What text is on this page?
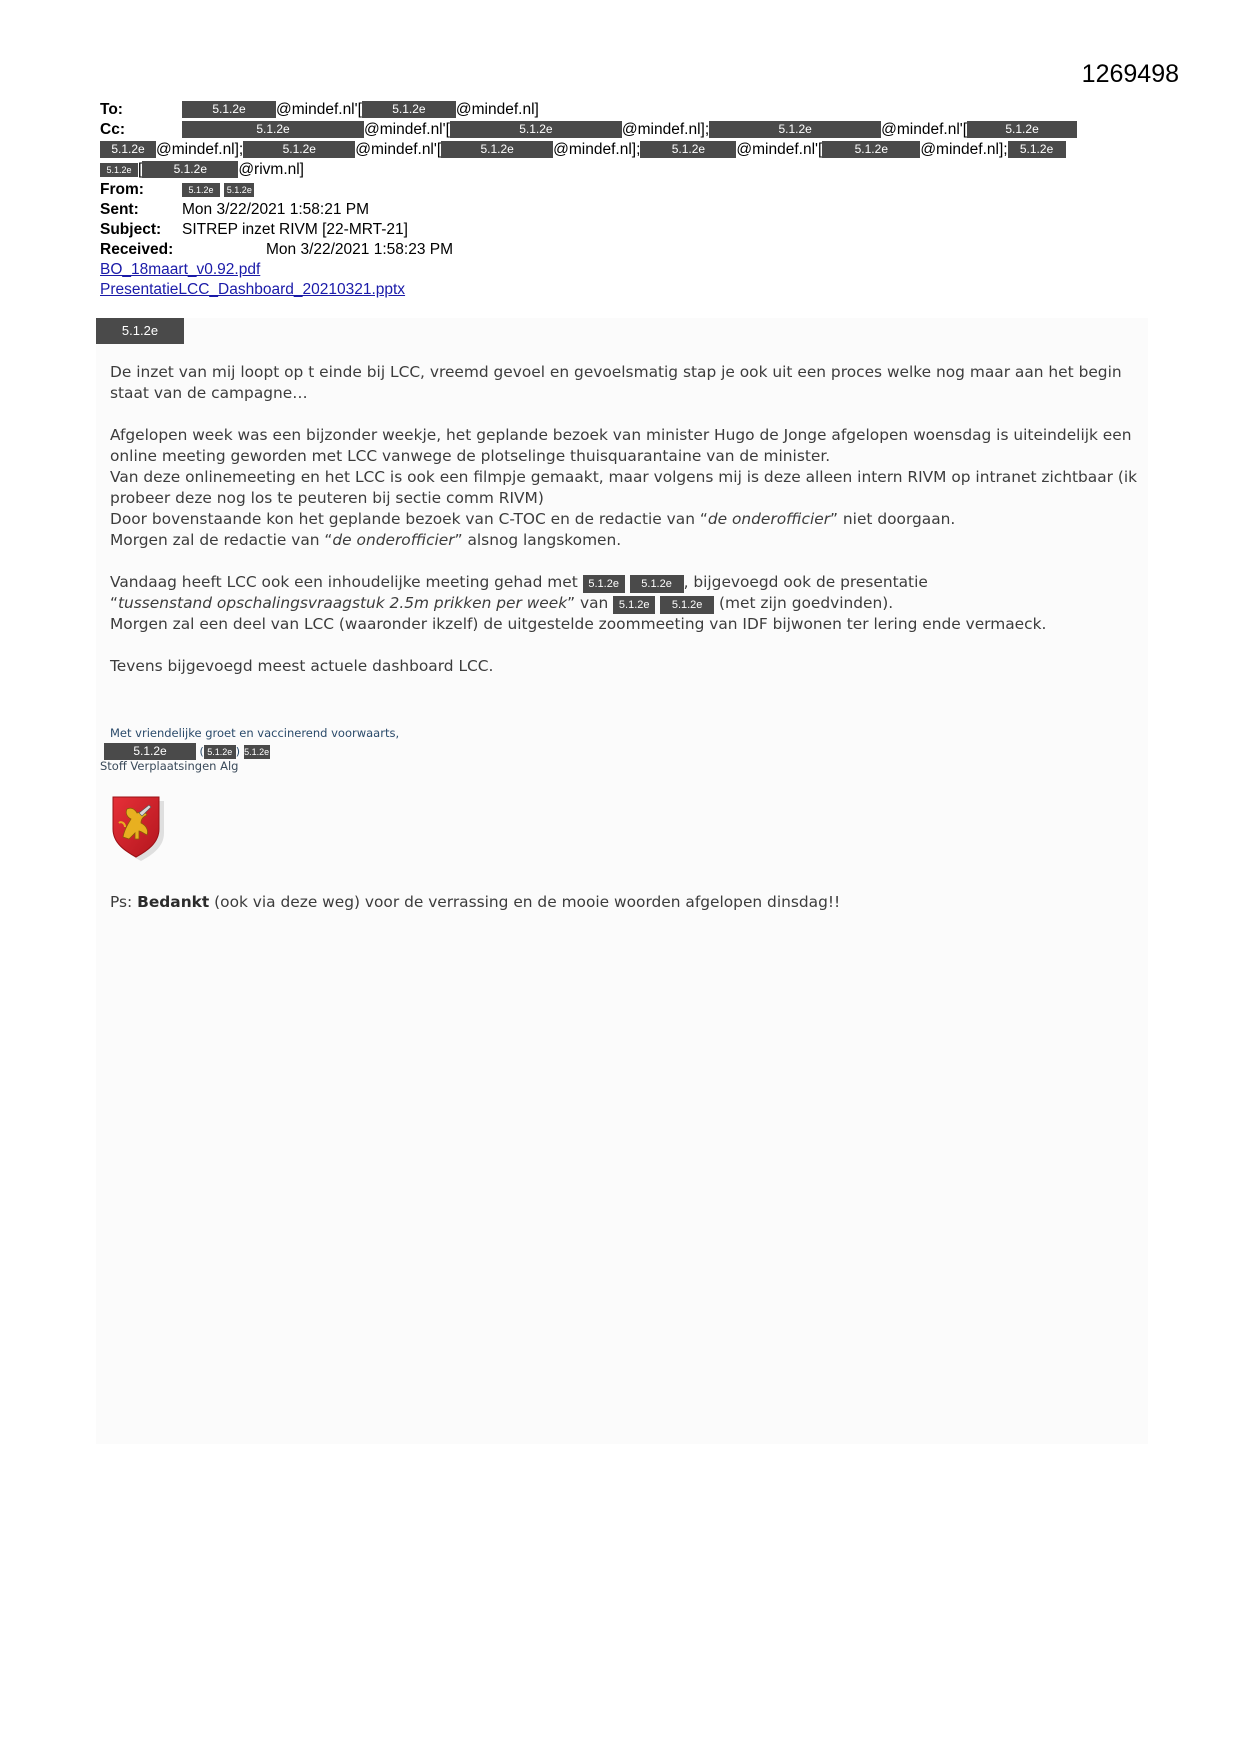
1269498
To:	5.1.2e @mindef.nl'[	5.1.2e @mindef.nl]
Cc:	5.1.2e	@mindef.nl'[	5.1.2e	@mindef.nl];	5.1.2e	@mindef.nl'[	5.1.2e
5.1.2e @mindef.nl];	5.1.2e	@mindef.nl'[	5.1.2e	@mindef.nl];	5.1.2e @mindef.nl'[	5.1.2e @mindef.nl]; 5.1.2e
5.1.2e [	5.1.2e @rivm.nl]
From:	5.1.2e 5.1.2e
Sent:	Mon 3/22/2021 1:58:21 PM
Subject: SITREP inzet RIVM [22-MRT-21]
Received:	Mon 3/22/2021 1:58:23 PM
BO_18maart_v0.92.pdf
PresentatieLCC_Dashboard_20210321.pptx
5.1.2e

De inzet van mij loopt op t einde bij LCC, vreemd gevoel en gevoelsmatig stap je ook uit een proces welke nog maar aan het begin staat van de campagne…

Afgelopen week was een bijzonder weekje, het geplande bezoek van minister Hugo de Jonge afgelopen woensdag is uiteindelijk een online meeting geworden met LCC vanwege de plotselinge thuisquarantaine van de minister.
Van deze onlinemeeting en het LCC is ook een filmpje gemaakt, maar volgens mij is deze alleen intern RIVM op intranet zichtbaar (ik probeer deze nog los te peuteren bij sectie comm RIVM)
Door bovenstaande kon het geplande bezoek van C-TOC en de redactie van “de onderofficier” niet doorgaan.
Morgen zal de redactie van “de onderofficier” alsnog langskomen.

Vandaag heeft LCC ook een inhoudelijke meeting gehad met 5.1.2e 5.1.2e , bijgevoegd ook de presentatie
“tussenstand opschalingsvraagstuk 2.5m prikken per week” van 5.1.2e 5.1.2e (met zijn goedvinden).
Morgen zal een deel van LCC (waaronder ikzelf) de uitgestelde zoommeeting van IDF bijwonen ter lering ende vermaeck.

Tevens bijgevoegd meest actuele dashboard LCC.

Met vriendelijke groet en vaccinerend voorwaarts,
5.1.2e	( 5.1.2e ) 5.1.2e
Stoff Verplaatsingen Alg
Ps: Bedankt (ook via deze weg) voor de verrassing en de mooie woorden afgelopen dinsdag!!
